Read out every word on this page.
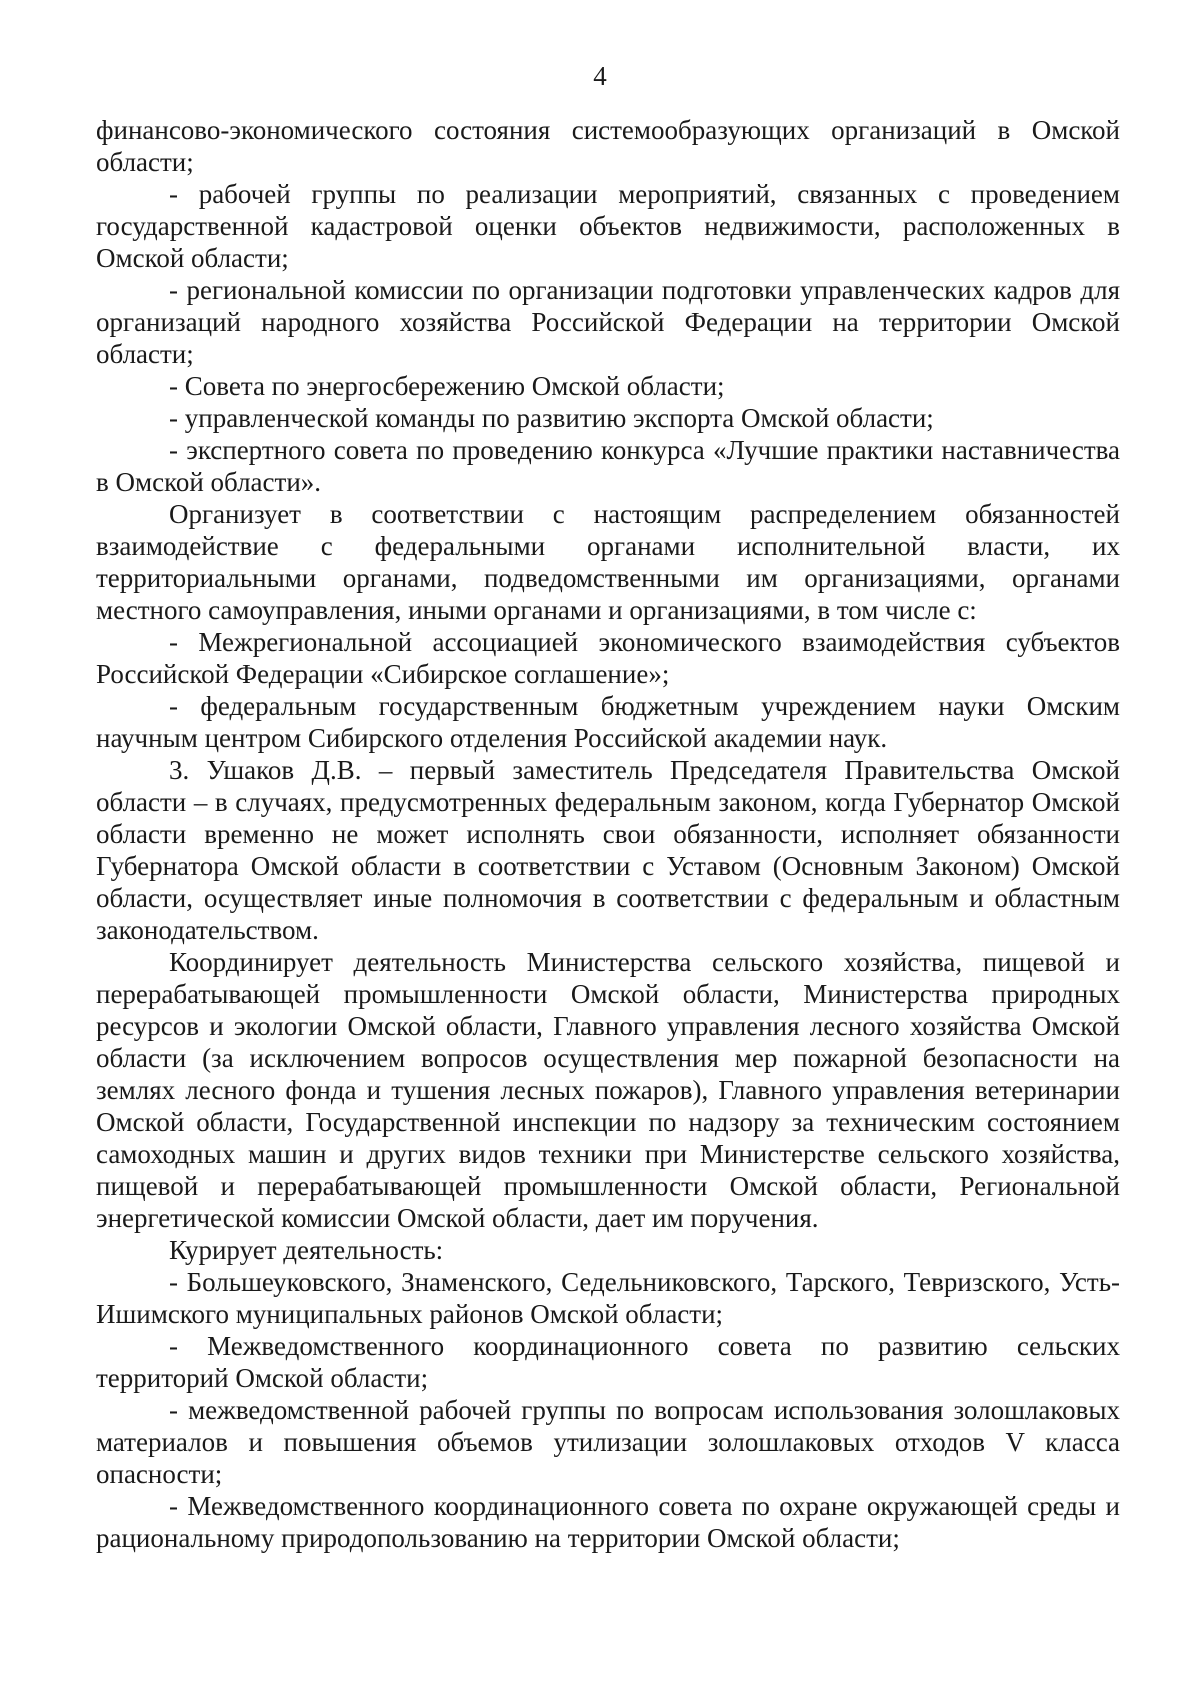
4

финансово-экономического состояния системообразующих организаций в Омской области;

- рабочей группы по реализации мероприятий, связанных с проведением государственной кадастровой оценки объектов недвижимости, расположенных в Омской области;

- региональной комиссии по организации подготовки управленческих кадров для организаций народного хозяйства Российской Федерации на территории Омской области;

- Совета по энергосбережению Омской области;

- управленческой команды по развитию экспорта Омской области;

- экспертного совета по проведению конкурса «Лучшие практики наставничества в Омской области».

Организует в соответствии с настоящим распределением обязанностей взаимодействие с федеральными органами исполнительной власти, их территориальными органами, подведомственными им организациями, органами местного самоуправления, иными органами и организациями, в том числе с:

- Межрегиональной ассоциацией экономического взаимодействия субъектов Российской Федерации «Сибирское соглашение»;

- федеральным государственным бюджетным учреждением науки Омским научным центром Сибирского отделения Российской академии наук.

3. Ушаков Д.В. – первый заместитель Председателя Правительства Омской области – в случаях, предусмотренных федеральным законом, когда Губернатор Омской области временно не может исполнять свои обязанности, исполняет обязанности Губернатора Омской области в соответствии с Уставом (Основным Законом) Омской области, осуществляет иные полномочия в соответствии с федеральным и областным законодательством.

Координирует деятельность Министерства сельского хозяйства, пищевой и перерабатывающей промышленности Омской области, Министерства природных ресурсов и экологии Омской области, Главного управления лесного хозяйства Омской области (за исключением вопросов осуществления мер пожарной безопасности на землях лесного фонда и тушения лесных пожаров), Главного управления ветеринарии Омской области, Государственной инспекции по надзору за техническим состоянием самоходных машин и других видов техники при Министерстве сельского хозяйства, пищевой и перерабатывающей промышленности Омской области, Региональной энергетической комиссии Омской области, дает им поручения.

Курирует деятельность:

- Большеуковского, Знаменского, Седельниковского, Тарского, Тевризского, Усть-Ишимского муниципальных районов Омской области;

- Межведомственного координационного совета по развитию сельских территорий Омской области;

- межведомственной рабочей группы по вопросам использования золошлаковых материалов и повышения объемов утилизации золошлаковых отходов V класса опасности;

- Межведомственного координационного совета по охране окружающей среды и рациональному природопользованию на территории Омской области;
